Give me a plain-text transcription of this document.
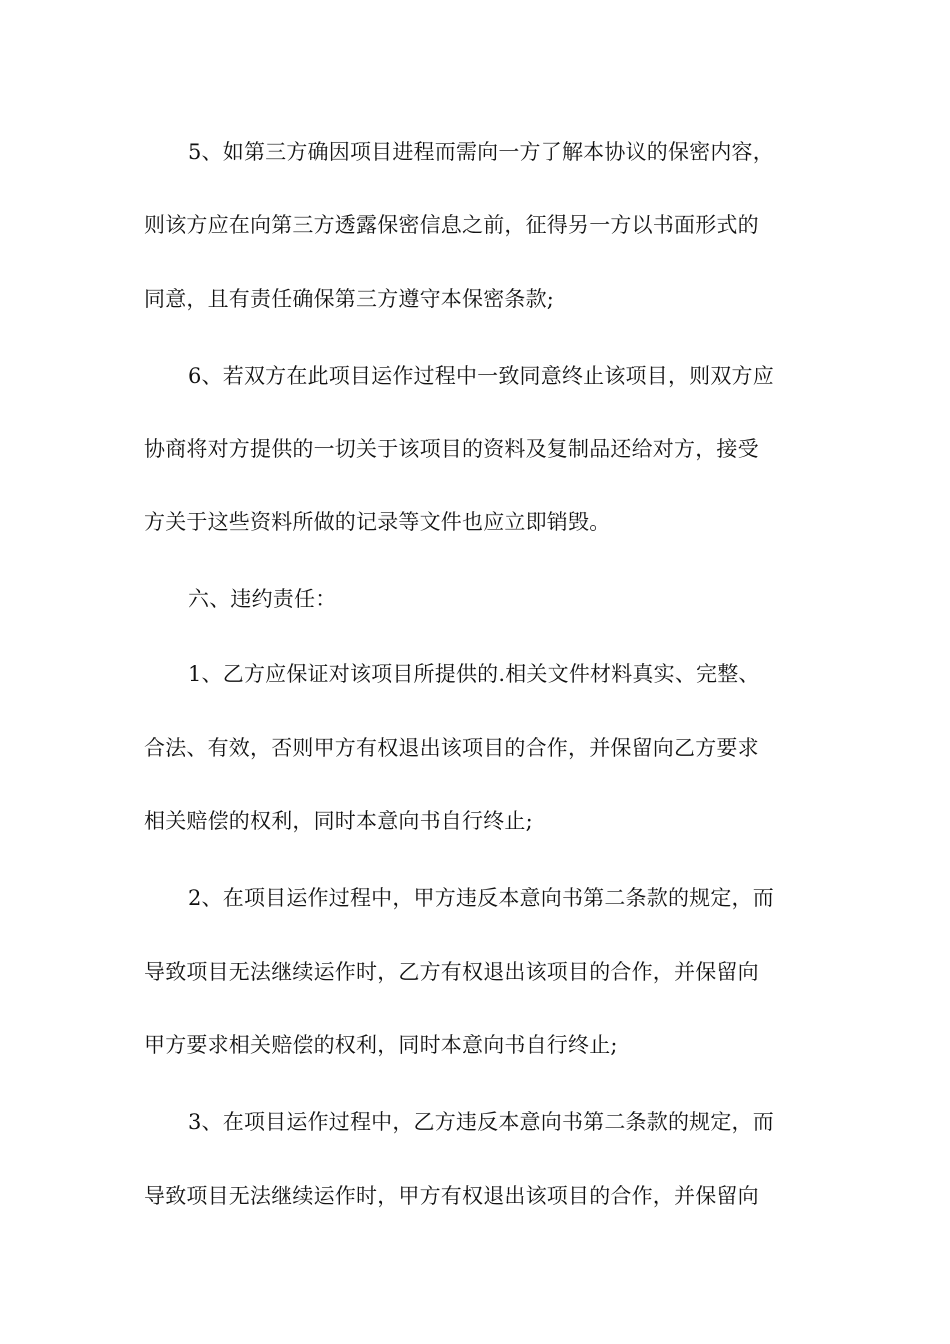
5、如第三方确因项目进程而需向一方了解本协议的保密内容，
则该方应在向第三方透露保密信息之前，征得另一方以书面形式的
同意，且有责任确保第三方遵守本保密条款;
6、若双方在此项目运作过程中一致同意终止该项目，则双方应
协商将对方提供的一切关于该项目的资料及复制品还给对方，接受
方关于这些资料所做的记录等文件也应立即销毁。
六、违约责任：
1、乙方应保证对该项目所提供的.相关文件材料真实、完整、
合法、有效，否则甲方有权退出该项目的合作，并保留向乙方要求
相关赔偿的权利，同时本意向书自行终止;
2、在项目运作过程中，甲方违反本意向书第二条款的规定，而
导致项目无法继续运作时，乙方有权退出该项目的合作，并保留向
甲方要求相关赔偿的权利，同时本意向书自行终止;
3、在项目运作过程中，乙方违反本意向书第二条款的规定，而
导致项目无法继续运作时，甲方有权退出该项目的合作，并保留向
